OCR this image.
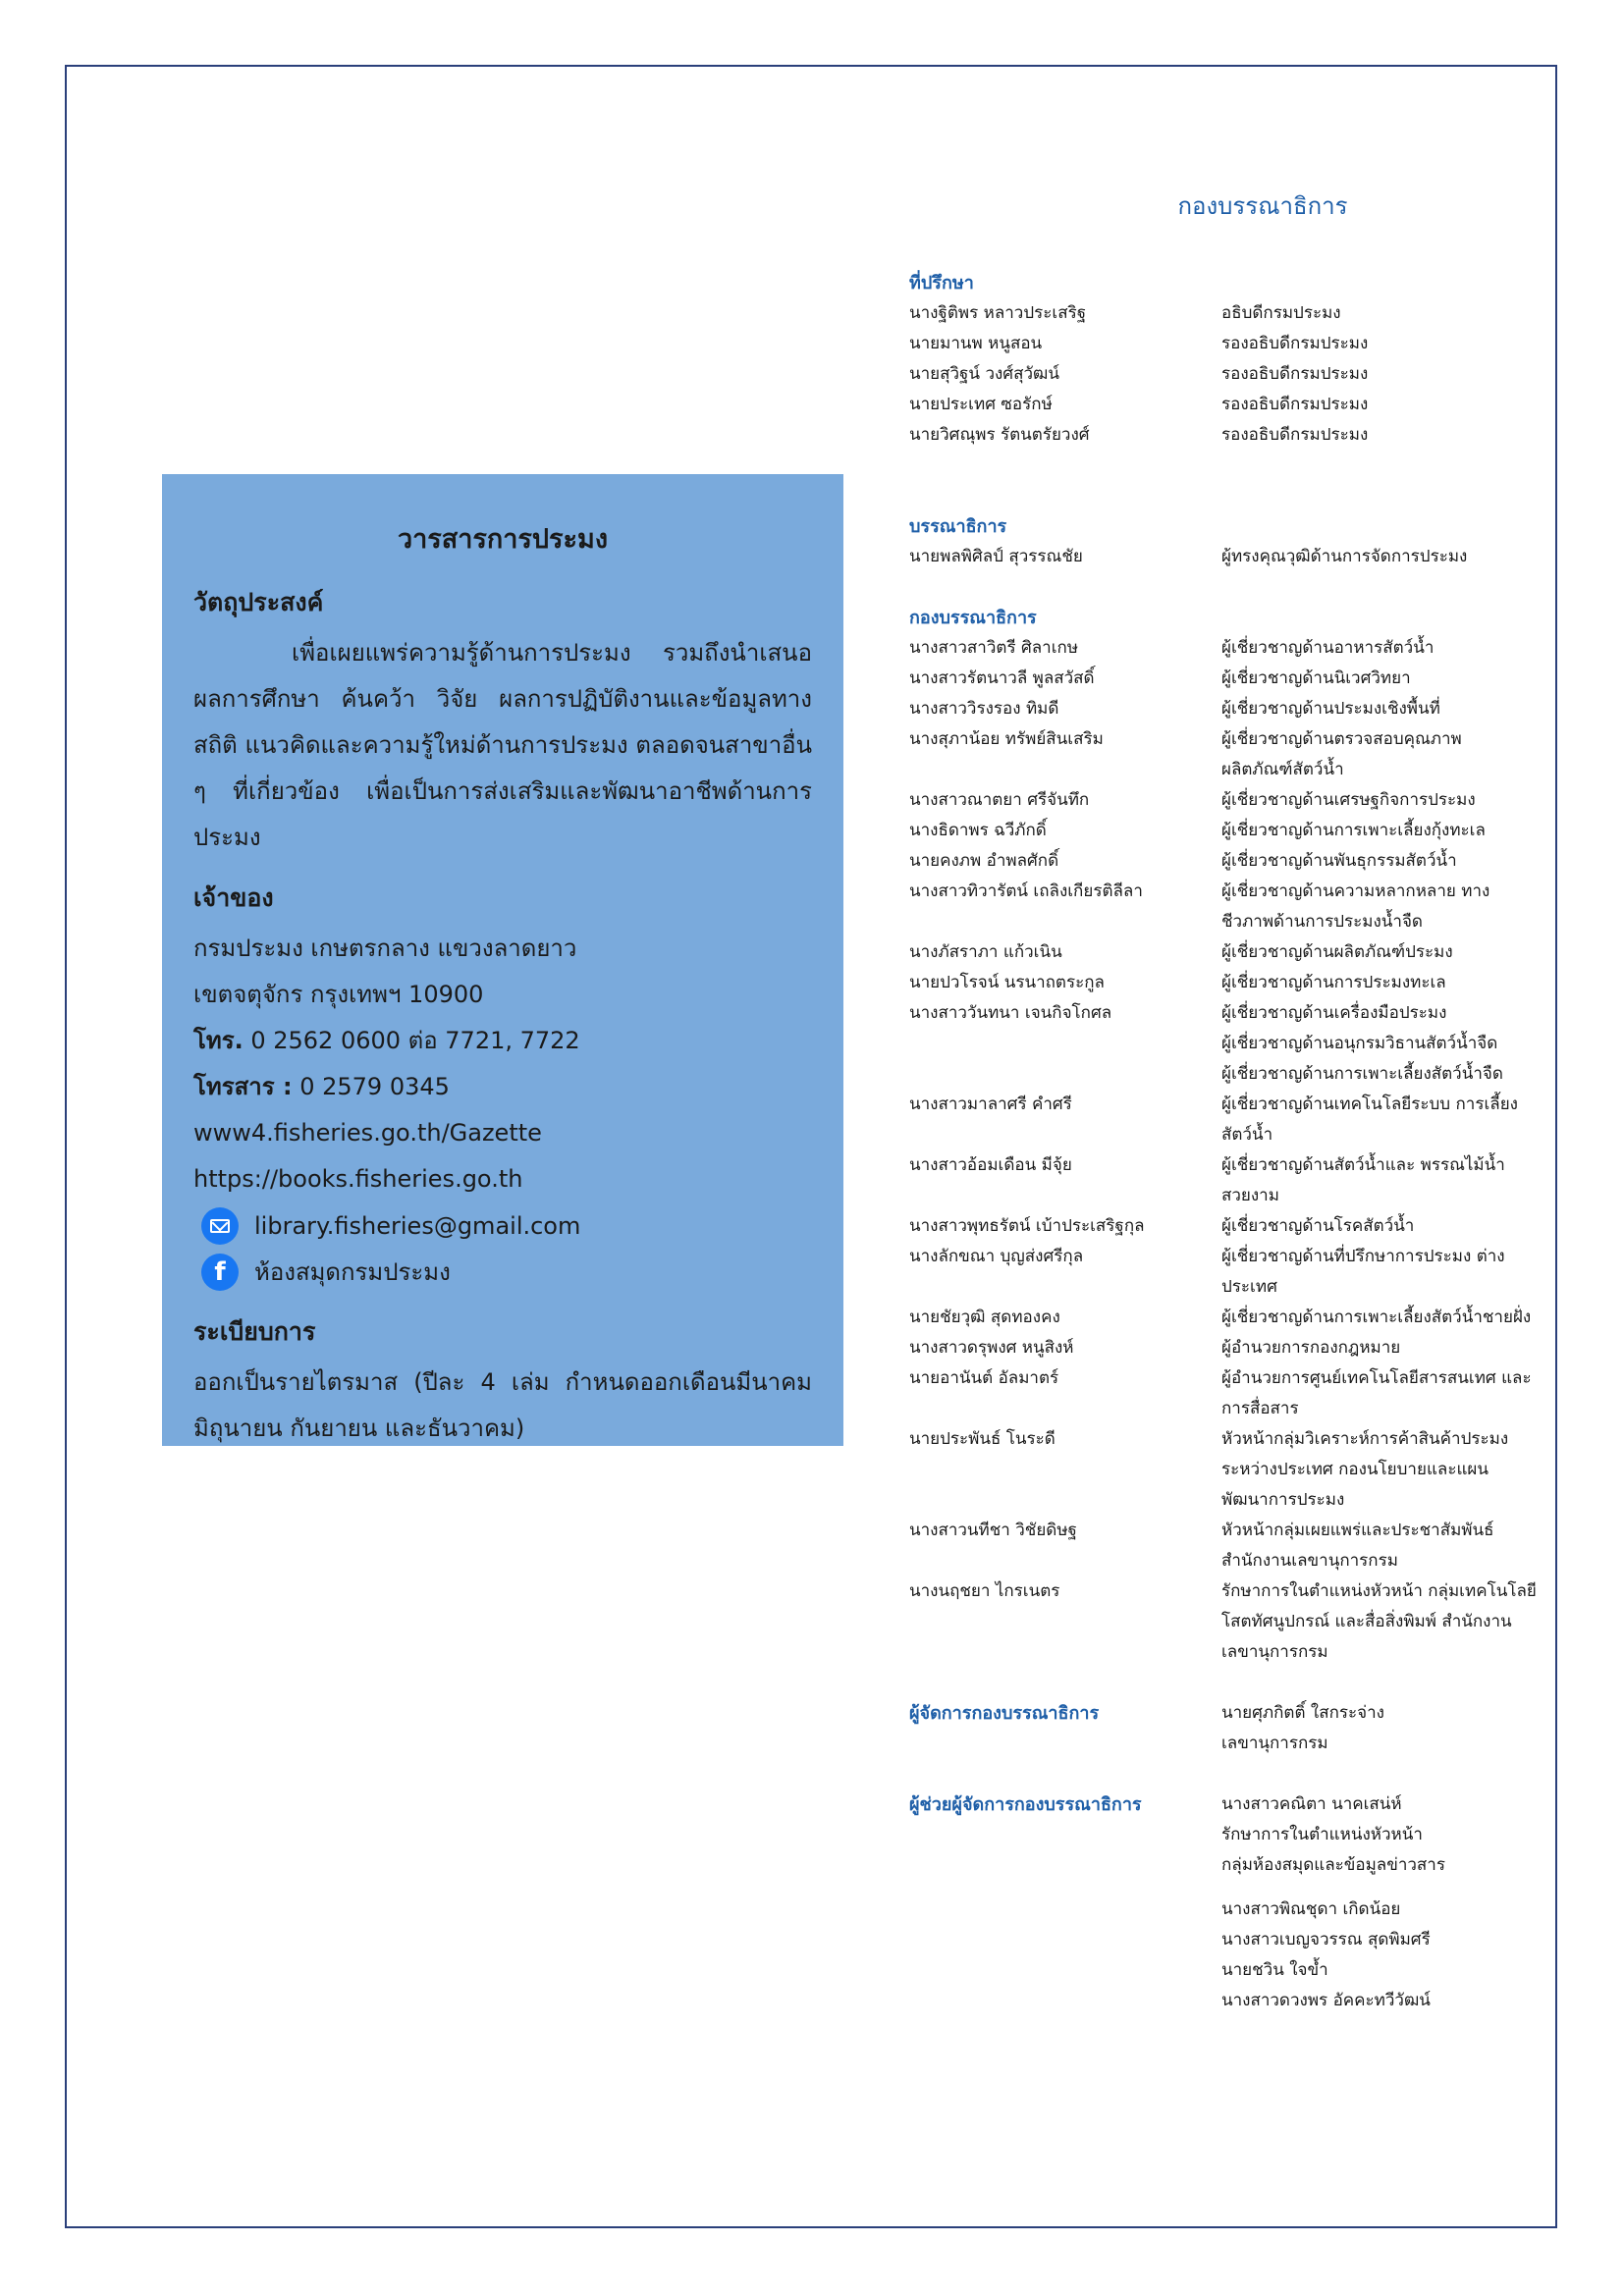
วารสารการประมง

วัตถุประสงค์

เพื่อเผยแพร่ความรู้ด้านการประมง รวมถึงนำเสนอผลการศึกษา ค้นคว้า วิจัย ผลการปฏิบัติงานและข้อมูลทางสถิติ แนวคิดและความรู้ใหม่ด้านการประมง ตลอดจนสาขาอื่น ๆ ที่เกี่ยวข้อง เพื่อเป็นการส่งเสริมและพัฒนาอาชีพด้านการประมง

เจ้าของ

กรมประมง เกษตรกลาง แขวงลาดยาว

เขตจตุจักร กรุงเทพฯ 10900

โทร. 0 2562 0600 ต่อ 7721, 7722

โทรสาร : 0 2579 0345

www4.fisheries.go.th/Gazette

https://books.fisheries.go.th

library.fisheries@gmail.com
f	ห้องสมุดกรมประมง

ระเบียบการ

ออกเป็นรายไตรมาส (ปีละ 4 เล่ม กำหนดออกเดือนมีนาคม มิถุนายน กันยายน และธันวาคม)

กองบรรณาธิการ

ที่ปรึกษา

นางฐิติพร หลาวประเสริฐ	อธิบดีกรมประมง
นายมานพ หนูสอน	รองอธิบดีกรมประมง
นายสุวิฐน์ วงศ์สุวัฒน์	รองอธิบดีกรมประมง
นายประเทศ ซอรักษ์	รองอธิบดีกรมประมง
นายวิศณุพร รัตนตรัยวงศ์	รองอธิบดีกรมประมง

บรรณาธิการ

นายพลพิศิลป์ สุวรรณชัย	ผู้ทรงคุณวุฒิด้านการจัดการประมง

กองบรรณาธิการ

นางสาวสาวิตรี ศิลาเกษ	ผู้เชี่ยวชาญด้านอาหารสัตว์น้ำ
นางสาวรัตนาวลี พูลสวัสดิ์	ผู้เชี่ยวชาญด้านนิเวศวิทยา
นางสาววิรงรอง ทิมดี	ผู้เชี่ยวชาญด้านประมงเชิงพื้นที่
นางสุภาน้อย ทรัพย์สินเสริม	ผู้เชี่ยวชาญด้านตรวจสอบคุณภาพ ผลิตภัณฑ์สัตว์น้ำ
นางสาวณาตยา ศรีจันทึก	ผู้เชี่ยวชาญด้านเศรษฐกิจการประมง
นางธิดาพร ฉวีภักดิ์	ผู้เชี่ยวชาญด้านการเพาะเลี้ยงกุ้งทะเล
นายคงภพ อำพลศักดิ์	ผู้เชี่ยวชาญด้านพันธุกรรมสัตว์น้ำ
นางสาวทิวารัตน์ เถลิงเกียรติลีลา	ผู้เชี่ยวชาญด้านความหลากหลาย ทางชีวภาพด้านการประมงน้ำจืด
นางภัสราภา แก้วเนิน	ผู้เชี่ยวชาญด้านผลิตภัณฑ์ประมง
นายปวโรจน์ นรนาถตระกูล	ผู้เชี่ยวชาญด้านการประมงทะเล
นางสาววันทนา เจนกิจโกศล	ผู้เชี่ยวชาญด้านเครื่องมือประมง
ผู้เชี่ยวชาญด้านอนุกรมวิธานสัตว์น้ำจืด
ผู้เชี่ยวชาญด้านการเพาะเลี้ยงสัตว์น้ำจืด
นางสาวมาลาศรี คำศรี	ผู้เชี่ยวชาญด้านเทคโนโลยีระบบ การเลี้ยงสัตว์น้ำ
นางสาวอ้อมเดือน มีจุ้ย	ผู้เชี่ยวชาญด้านสัตว์น้ำและ พรรณไม้น้ำสวยงาม
นางสาวพุทธรัตน์ เบ้าประเสริฐกุล	ผู้เชี่ยวชาญด้านโรคสัตว์น้ำ
นางลักขณา บุญส่งศรีกุล	ผู้เชี่ยวชาญด้านที่ปรึกษาการประมง ต่างประเทศ
นายชัยวุฒิ สุดทองคง	ผู้เชี่ยวชาญด้านการเพาะเลี้ยงสัตว์น้ำชายฝั่ง
นางสาวดรุพงศ หนูสิงห์	ผู้อำนวยการกองกฎหมาย
นายอานันต์ อัลมาตร์	ผู้อำนวยการศูนย์เทคโนโลยีสารสนเทศ และการสื่อสาร
นายประพันธ์ โนระดี	หัวหน้ากลุ่มวิเคราะห์การค้าสินค้าประมง ระหว่างประเทศ กองนโยบายและแผนพัฒนาการประมง
นางสาวนทีชา วิชัยดิษฐ	หัวหน้ากลุ่มเผยแพร่และประชาสัมพันธ์ สำนักงานเลขานุการกรม
นางนฤชยา ไกรเนตร	รักษาการในตำแหน่งหัวหน้า กลุ่มเทคโนโลยีโสตทัศนูปกรณ์ และสื่อสิ่งพิมพ์ สำนักงานเลขานุการกรม
ผู้จัดการกองบรรณาธิการ	นายศุภกิตติ์ ใสกระจ่าง
เลขานุการกรม
ผู้ช่วยผู้จัดการกองบรรณาธิการ	นางสาวคณิตา นาคเสน่ห์
รักษาการในตำแหน่งหัวหน้า
กลุ่มห้องสมุดและข้อมูลข่าวสาร
นางสาวพิณชุดา เกิดน้อย
นางสาวเบญจวรรณ สุดพิมศรี
นายชวิน ใจข้ำ
นางสาวดวงพร อัคคะทวีวัฒน์
